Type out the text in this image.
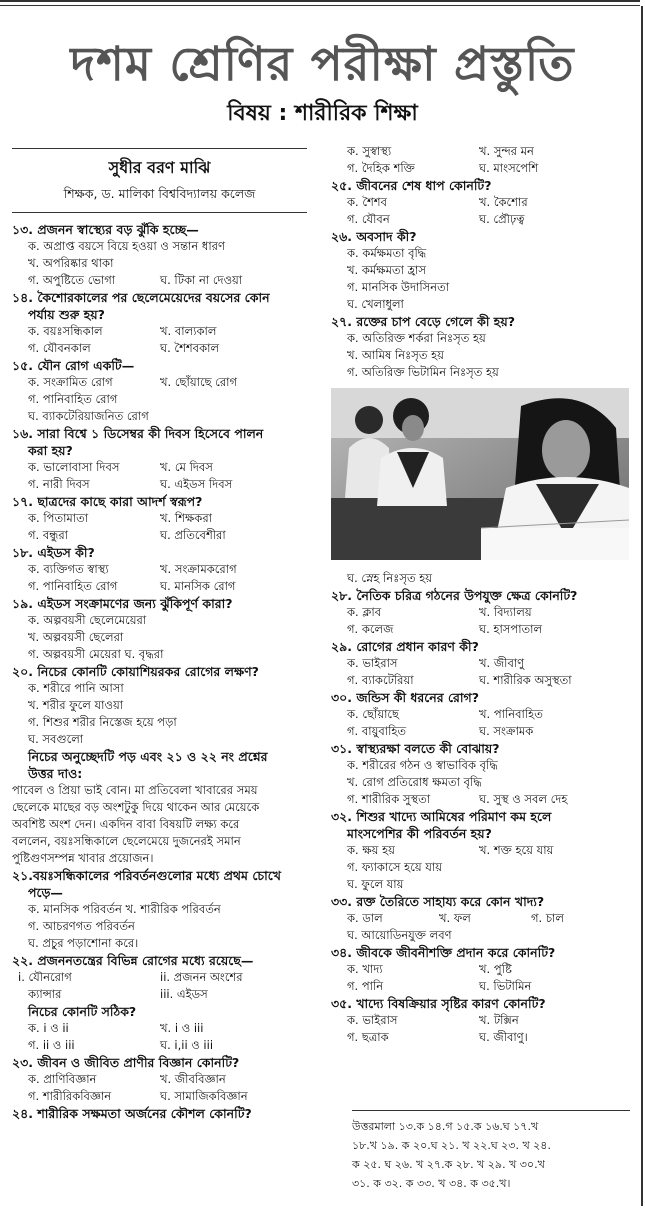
দশম শ্রেণির পরীক্ষা প্রস্তুতি
বিষয় : শারীরিক শিক্ষা
সুধীর বরণ মাঝি
শিক্ষক, ড. মালিকা বিশ্ববিদ্যালয় কলেজ
১৩. প্রজনন স্বাস্থ্যের বড় ঝুঁকি হচ্ছে—
ক. অপ্রাপ্ত বয়সে বিয়ে হওয়া ও সন্তান ধারণ
খ. অপরিষ্কার থাকা
গ. অপুষ্টিতে ভোগা	ঘ. টিকা না দেওয়া
১৪. কৈশোরকালের পর ছেলেমেয়েদের বয়সের কোন
পর্যায় শুরু হয়?
ক. বয়ঃসন্ধিকাল	খ. বাল্যকাল
গ. যৌবনকাল	ঘ. শৈশবকাল
১৫. যৌন রোগ একটি—
ক. সংক্রামিত রোগ	খ. ছোঁয়াছে রোগ
গ. পানিবাহিত রোগ
ঘ. ব্যাকটেরিয়াজনিত রোগ
১৬. সারা বিশ্বে ১ ডিসেম্বর কী দিবস হিসেবে পালন
করা হয়?
ক. ভালোবাসা দিবস	খ. মে দিবস
গ. নারী দিবস	ঘ. এইডস দিবস
১৭. ছাত্রদের কাছে কারা আদর্শ স্বরূপ?
ক. পিতামাতা	খ. শিক্ষকরা
গ. বন্ধুরা	ঘ. প্রতিবেশীরা
১৮. এইডস কী?
ক. ব্যক্তিগত স্বাস্থ্য	খ. সংক্রামকরোগ
গ. পানিবাহিত রোগ	ঘ. মানসিক রোগ
১৯. এইডস সংক্রামণের জন্য ঝুঁকিপূর্ণ কারা?
ক. অল্পবয়সী ছেলেমেয়েরা
খ. অল্পবয়সী ছেলেরা
গ. অল্পবয়সী মেয়েরা ঘ. বৃদ্ধরা
২০. নিচের কোনটি কোয়াশিয়রকর রোগের লক্ষণ?
ক. শরীরে পানি আসা
খ. শরীর ফুলে যাওয়া
গ. শিশুর শরীর নিস্তেজ হয়ে পড়া
ঘ. সবগুলো
নিচের অনুচ্ছেদটি পড় এবং ২১ ও ২২ নং প্রশ্নের
উত্তর দাও:
পাবেল ও প্রিয়া ভাই বোন। মা প্রতিবেলা খাবারের সময়
ছেলেকে মাছের বড় অংশটুকু দিয়ে থাকেন আর মেয়েকে
অবশিষ্ট অংশ দেন। একদিন বাবা বিষয়টি লক্ষ্য করে
বললেন, বয়ঃসন্ধিকালে ছেলেমেয়ে দুজনেরই সমান
পুষ্টিগুণসম্পন্ন খাবার প্রয়োজন।
২১.বয়ঃসন্ধিকালের পরিবর্তনগুলোর মধ্যে প্রথম চোখে
পড়ে—
ক. মানসিক পরিবর্তন খ. শারীরিক পরিবর্তন
গ. আচরণগত পরিবর্তন
ঘ. প্রচুর পড়াশোনা করে।
২২. প্রজননতন্ত্রের বিভিন্ন রোগের মধ্যে রয়েছে—
i. যৌনরোগ	ii. প্রজনন অংশের
ক্যান্সার	iii. এইডস
নিচের কোনটি সঠিক?
ক. i ও ii	খ. i ও iii
গ. ii ও iii	ঘ. i,ii ও iii
২৩. জীবন ও জীবিত প্রাণীর বিজ্ঞান কোনটি?
ক. প্রাণিবিজ্ঞান	খ. জীববিজ্ঞান
গ. শারীরিকবিজ্ঞান	ঘ. সামাজিকবিজ্ঞান
২৪. শারীরিক সক্ষমতা অর্জনের কৌশল কোনটি?
ক. সুস্বাস্থ্য	খ. সুন্দর মন
গ. দৈহিক শক্তি	ঘ. মাংসপেশি
২৫. জীবনের শেষ ধাপ কোনটি?
ক. শৈশব	খ. কৈশোর
গ. যৌবন	ঘ. প্রৌঢ়ত্ব
২৬. অবসাদ কী?
ক. কর্মক্ষমতা বৃদ্ধি
খ. কর্মক্ষমতা হ্রাস
গ. মানসিক উদাসিনতা
ঘ. খেলাধুলা
২৭. রক্তের চাপ বেড়ে গেলে কী হয়?
ক. অতিরিক্ত শর্করা নিঃসৃত হয়
খ. আমিষ নিঃসৃত হয়
গ. অতিরিক্ত ভিটামিন নিঃসৃত হয়
ঘ. স্নেহ নিঃসৃত হয়
২৮. নৈতিক চরিত্র গঠনের উপযুক্ত ক্ষেত্র কোনটি?
ক. ক্লাব	খ. বিদ্যালয়
গ. কলেজ	ঘ. হাসপাতাল
২৯. রোগের প্রধান কারণ কী?
ক. ভাইরাস	খ. জীবাণু
গ. ব্যাকটেরিয়া	ঘ. শারীরিক অসুস্থতা
৩০. জন্ডিস কী ধরনের রোগ?
ক. ছোঁয়াছে	খ. পানিবাহিত
গ. বায়ুবাহিত	ঘ. সংক্রামক
৩১. স্বাস্থ্যরক্ষা বলতে কী বোঝায়?
ক. শরীরের গঠন ও স্বাভাবিক বৃদ্ধি
খ. রোগ প্রতিরোধ ক্ষমতা বৃদ্ধি
গ. শারীরিক সুস্থতা	ঘ. সুস্থ ও সবল দেহ
৩২. শিশুর খাদ্যে আমিষের পরিমাণ কম হলে
মাংসপেশির কী পরিবর্তন হয়?
ক. ক্ষয় হয়	খ. শক্ত হয়ে যায়
গ. ফ্যাকাসে হয়ে যায়
ঘ. ফুলে যায়
৩৩. রক্ত তৈরিতে সাহায্য করে কোন খাদ্য?
ক. ডাল	খ. ফল	গ. চাল
ঘ. আয়োডিনযুক্ত লবণ
৩৪. জীবকে জীবনীশক্তি প্রদান করে কোনটি?
ক. খাদ্য	খ. পুষ্টি
গ. পানি	ঘ. ভিটামিন
৩৫. খাদ্যে বিষক্রিয়ার সৃষ্টির কারণ কোনটি?
ক. ভাইরাস	খ. টক্সিন
গ. ছত্রাক	ঘ. জীবাণু।
উত্তরমালা ১৩.ক ১৪.গ ১৫.ক ১৬.ঘ ১৭.খ
১৮.খ ১৯. ক ২০.ঘ ২১. খ ২২.ঘ ২৩. খ ২৪.
ক ২৫. ঘ ২৬. খ ২৭.ক ২৮. খ ২৯. খ ৩০.খ
৩১. ক ৩২. ক ৩৩. খ ৩৪. ক ৩৫.খ।
